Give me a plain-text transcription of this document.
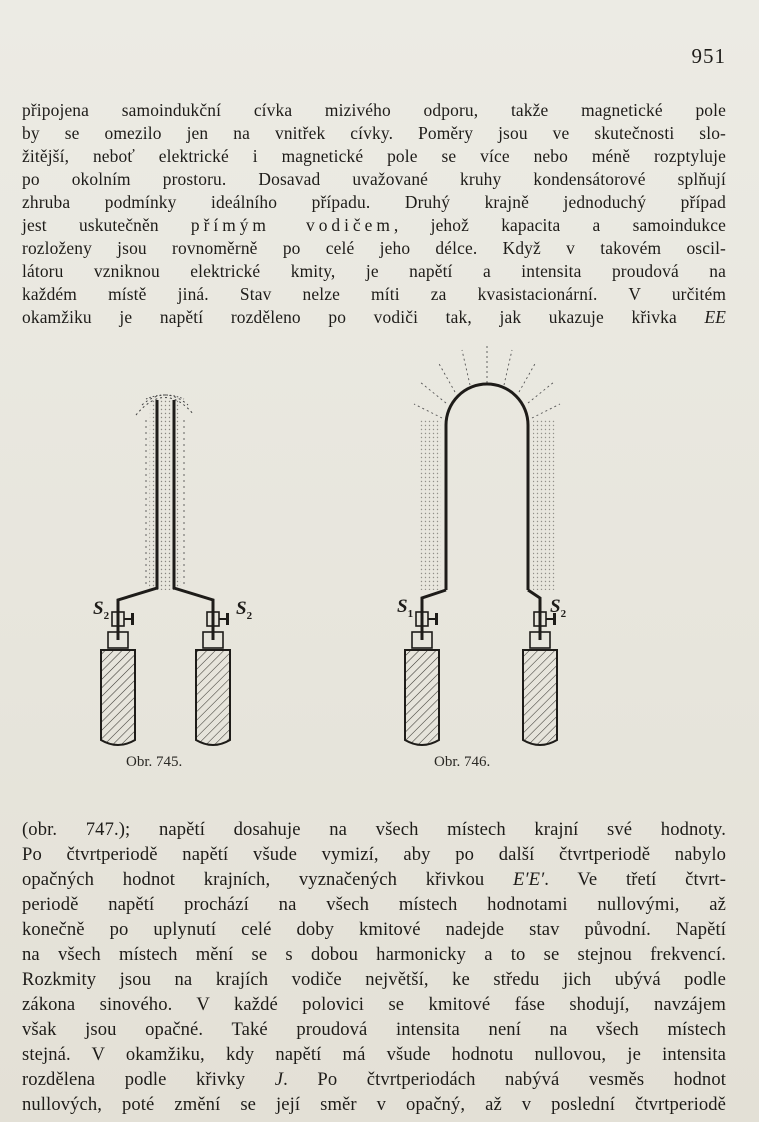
951
připojena samoindukční cívka mizivého odporu, takže magnetické pole
by se omezilo jen na vnitřek cívky. Poměry jsou ve skutečnosti slo-
žitější, neboť elektrické i magnetické pole se více nebo méně rozptyluje
po okolním prostoru. Dosavad uvažované kruhy kondensátorové splňují
zhruba podmínky ideálního případu. Druhý krajně jednoduchý případ
jest uskutečněn přímým vodičem, jehož kapacita a samoindukce
rozloženy jsou rovnoměrně po celé jeho délce. Když v takovém oscil-
látoru vzniknou elektrické kmity, je napětí a intensita proudová na
každém místě jiná. Stav nelze míti za kvasistacionární. V určitém
okamžiku je napětí rozděleno po vodiči tak, jak ukazuje křivka EE
$S_2$	$S_2$	$S_1$	$S_2$
Obr. 745.	Obr. 746.
(obr. 747.); napětí dosahuje na všech místech krajní své hodnoty.
Po čtvrtperiodě napětí všude vymizí, aby po další čtvrtperiodě nabylo
opačných hodnot krajních, vyznačených křivkou E′E′. Ve třetí čtvrt-
periodě napětí prochází na všech místech hodnotami nullovými, až
konečně po uplynutí celé doby kmitové nadejde stav původní. Napětí
na všech místech mění se s dobou harmonicky a to se stejnou frekvencí.
Rozkmity jsou na krajích vodiče největší, ke středu jich ubývá podle
zákona sinového. V každé polovici se kmitové fáse shodují, navzájem
však jsou opačné. Také proudová intensita není na všech místech
stejná. V okamžiku, kdy napětí má všude hodnotu nullovou, je intensita
rozdělena podle křivky J. Po čtvrtperiodách nabývá vesměs hodnot
nullových, poté změní se její směr v opačný, až v poslední čtvrtperiodě
